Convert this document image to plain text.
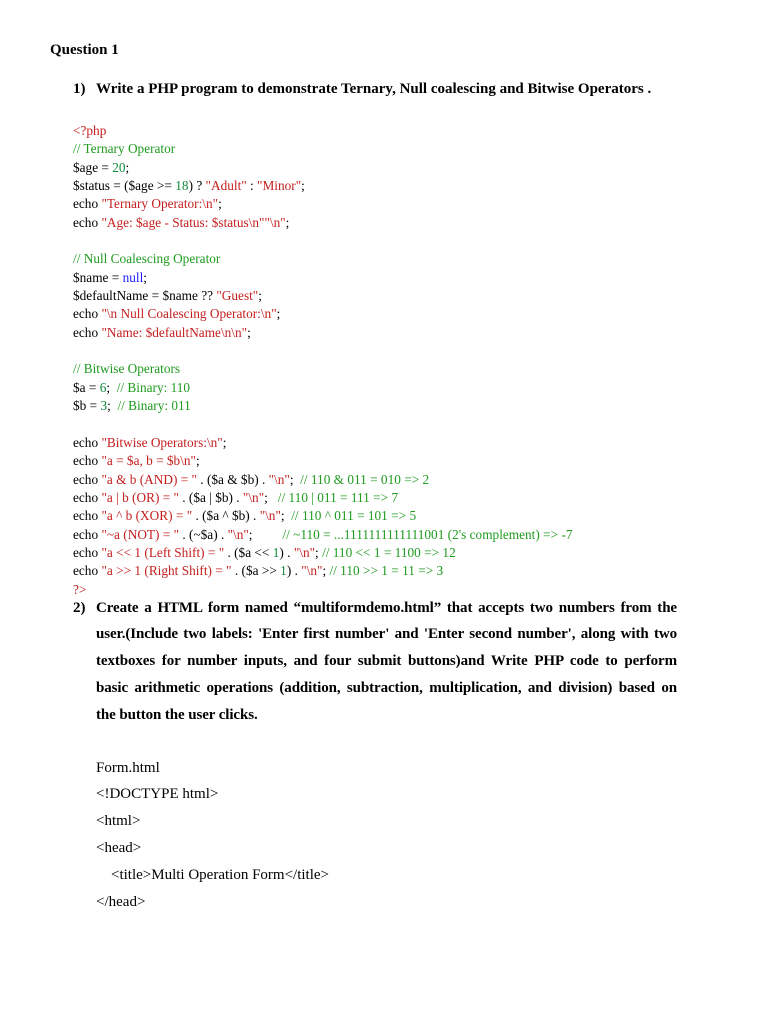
Question 1
1) Write a PHP program to demonstrate Ternary, Null coalescing and Bitwise Operators .
<?php
// Ternary Operator
$age = 20;
$status = ($age >= 18) ? "Adult" : "Minor";
echo "Ternary Operator:\n";
echo "Age: $age - Status: $status\n""\n";
// Null Coalescing Operator
$name = null;
$defaultName = $name ?? "Guest";
echo "\n Null Coalescing Operator:\n";
echo "Name: $defaultName\n\n";
// Bitwise Operators
$a = 6;  // Binary: 110
$b = 3;  // Binary: 011
echo "Bitwise Operators:\n";
echo "a = $a, b = $b\n";
echo "a & b (AND) = " . ($a & $b) . "\n";  // 110 & 011 = 010 => 2
echo "a | b (OR) = " . ($a | $b) . "\n";   // 110 | 011 = 111 => 7
echo "a ^ b (XOR) = " . ($a ^ $b) . "\n";  // 110 ^ 011 = 101 => 5
echo "~a (NOT) = " . (~$a) . "\n";         // ~110 = ...1111111111111001 (2's complement) => -7
echo "a << 1 (Left Shift) = " . ($a << 1) . "\n"; // 110 << 1 = 1100 => 12
echo "a >> 1 (Right Shift) = " . ($a >> 1) . "\n"; // 110 >> 1 = 11 => 3
?>
2) Create a HTML form named “multiformdemo.html” that accepts two numbers from the
user.(Include two labels: 'Enter first number' and 'Enter second number', along with two
textboxes for number inputs, and four submit buttons)and Write PHP code to perform
basic arithmetic operations (addition, subtraction, multiplication, and division) based on
the button the user clicks.
Form.html
<!DOCTYPE html>
<html>
<head>
<title>Multi Operation Form</title>
</head>
